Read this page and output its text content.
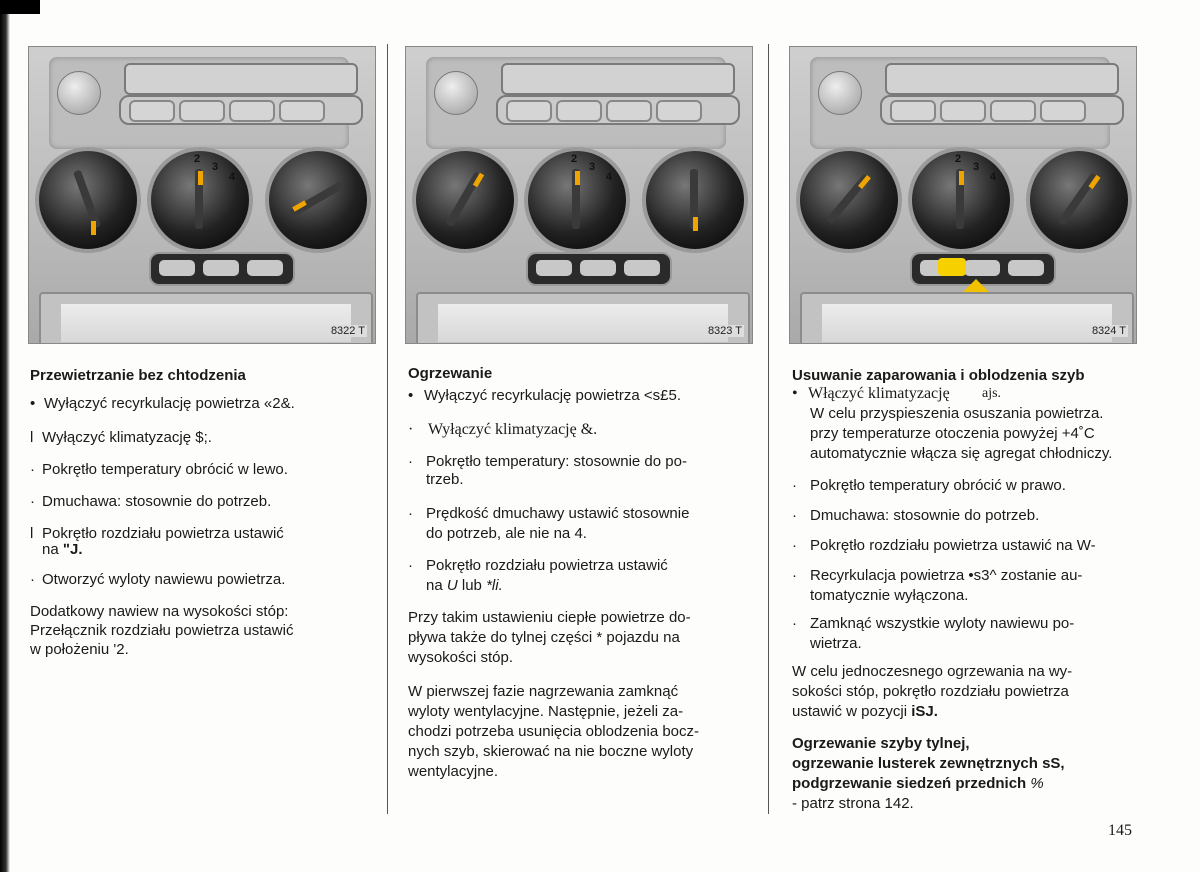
2
3
4
8322 T
2
3
4
8323 T
2
3
4
8324 T

Przewietrzanie bez chtodzenia

• Wyłączyć recyrkulację powietrza «2&.
l Wyłączyć klimatyzację $;.
· Pokrętło temperatury obrócić w lewo.
· Dmuchawa: stosownie do potrzeb.
l Pokrętło rozdziału powietrza ustawić
na ʺJ.
· Otworzyć wyloty nawiewu powietrza.

Dodatkowy nawiew na wysokości stóp:

Przełącznik rozdziału powietrza ustawić

w położeniu '2.

Ogrzewanie

• Wyłączyć recyrkulację powietrza <s£5.
· Wyłączyć klimatyzację &.
· Pokrętło temperatury: stosownie do po-

trzeb.

· Prędkość dmuchawy ustawić stosownie

do potrzeb, ale nie na 4.

· Pokrętło rozdziału powietrza ustawić

na U lub *li.

Przy takim ustawieniu ciepłe powietrze do-

pływa także do tylnej części * pojazdu na

wysokości stóp.

W pierwszej fazie nagrzewania zamknąć

wyloty wentylacyjne. Następnie, jeżeli za-

chodzi potrzeba usunięcia oblodzenia bocz-

nych szyb, skierować na nie boczne wyloty

wentylacyjne.

Usuwanie zaparowania i oblodzenia szyb

• Włączyć klimatyzację ajs.

W celu przyspieszenia osuszania powietrza.

przy temperaturze otoczenia powyżej +4˚C

automatycznie włącza się agregat chłodniczy.

· Pokrętło temperatury obrócić w prawo.
· Dmuchawa: stosownie do potrzeb.
· Pokrętło rozdziału powietrza ustawić na W-
· Recyrkulacja powietrza •s3^ zostanie au-

tomatycznie wyłączona.

· Zamknąć wszystkie wyloty nawiewu po-

wietrza.

W celu jednoczesnego ogrzewania na wy-

sokości stóp, pokrętło rozdziału powietrza

ustawić w pozycji iSJ.

Ogrzewanie szyby tylnej,

ogrzewanie lusterek zewnętrznych sS,

podgrzewanie siedzeń przednich %

- patrz strona 142.

145
